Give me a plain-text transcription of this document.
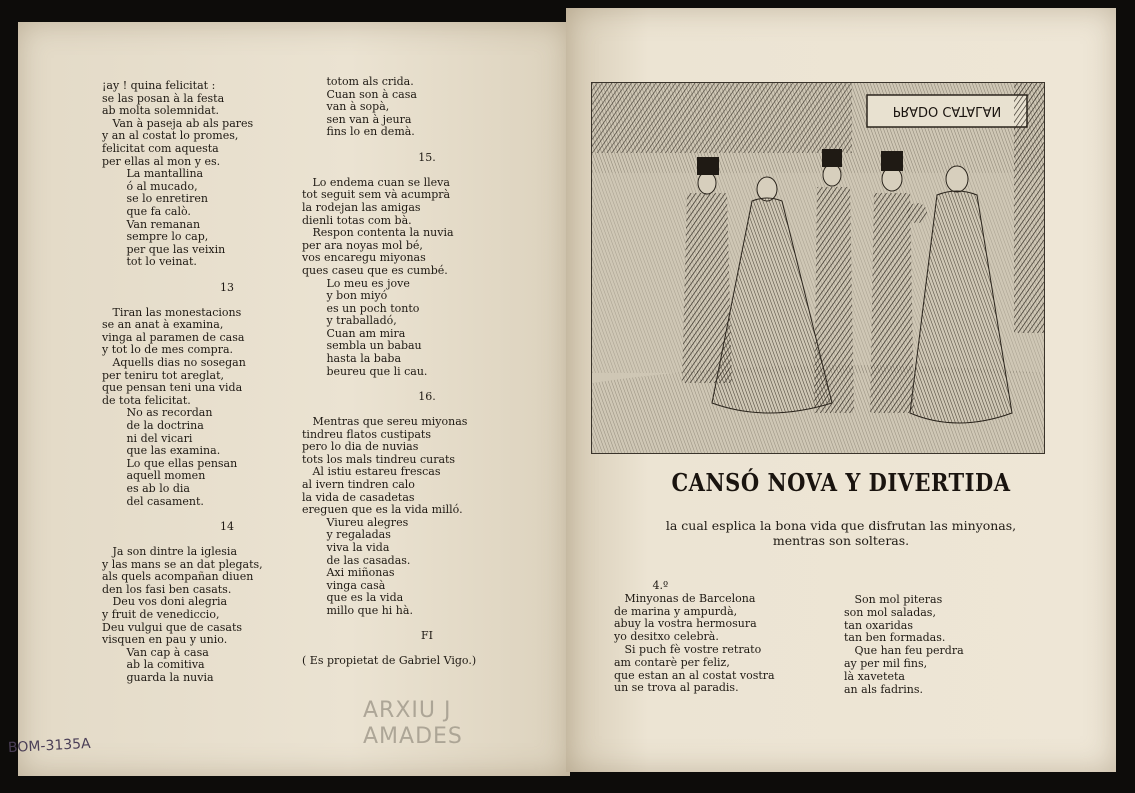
¡ay ! quina felicitat :
se las posan à la festa
ab molta solemnidat.
Van à paseja ab als pares
y an al costat lo promes,
felicitat com aquesta
per ellas al mon y es.
La mantallina
ó al mucado,
se lo enretiren
que fa calò.
Van remanan
sempre lo cap,
per que las veixin
tot lo veinat.
13
Tiran las monestacions
se an anat à examina,
vinga al paramen de casa
y tot lo de mes compra.
Aquells dias no sosegan
per teniru tot areglat,
que pensan teni una vida
de tota felicitat.
No as recordan
de la doctrina
ni del vicari
que las examina.
Lo que ellas pensan
aquell momen
es ab lo dia
del casament.
14
Ja son dintre la iglesia
y las mans se an dat plegats,
als quels acompañan diuen
den los fasi ben casats.
Deu vos doni alegria
y fruit de venediccio,
Deu vulgui que de casats
visquen en pau y unio.
Van cap à casa
ab la comitiva
guarda la nuvia
totom als crida.
Cuan son à casa
van à sopà,
sen van à jeura
fins lo en demà.
15.
Lo endema cuan se lleva
tot seguit sem và acumprà
la rodejan las amigas
dienli totas com bà.
Respon contenta la nuvia
per ara noyas mol bé,
vos encaregu miyonas
ques caseu que es cumbé.
Lo meu es jove
y bon miyó
es un poch tonto
y traballadó,
Cuan am mira
sembla un babau
hasta la baba
beureu que li cau.
16.
Mentras que sereu miyonas
tindreu flatos custipats
pero lo dia de nuvias
tots los mals tindreu curats
Al istiu estareu frescas
al ivern tindren calo
la vida de casadetas
ereguen que es la vida milló.
Viureu alegres
y regaladas
viva la vida
de las casadas.
Axi miñonas
vinga casà
que es la vida
millo que hi hà.
FI
( Es propietat de Gabriel Vigo.)
ARXIU J
AMADES
BOM-3135A
PRADO CATALAN
CANSÓ NOVA Y DIVERTIDA
la cual esplica la bona vida que disfrutan las minyonas,
mentras son solteras.
4.º
Minyonas de Barcelona
de marina y ampurdà,
abuy la vostra hermosura
yo desitxo celebrà.
Si puch fè vostre retrato
am contarè per feliz,
que estan an al costat vostra
un se trova al paradis.
Son mol piteras
son mol saladas,
tan oxaridas
tan ben formadas.
Que han feu perdra
ay per mil fins,
là xaveteta
an als fadrins.
